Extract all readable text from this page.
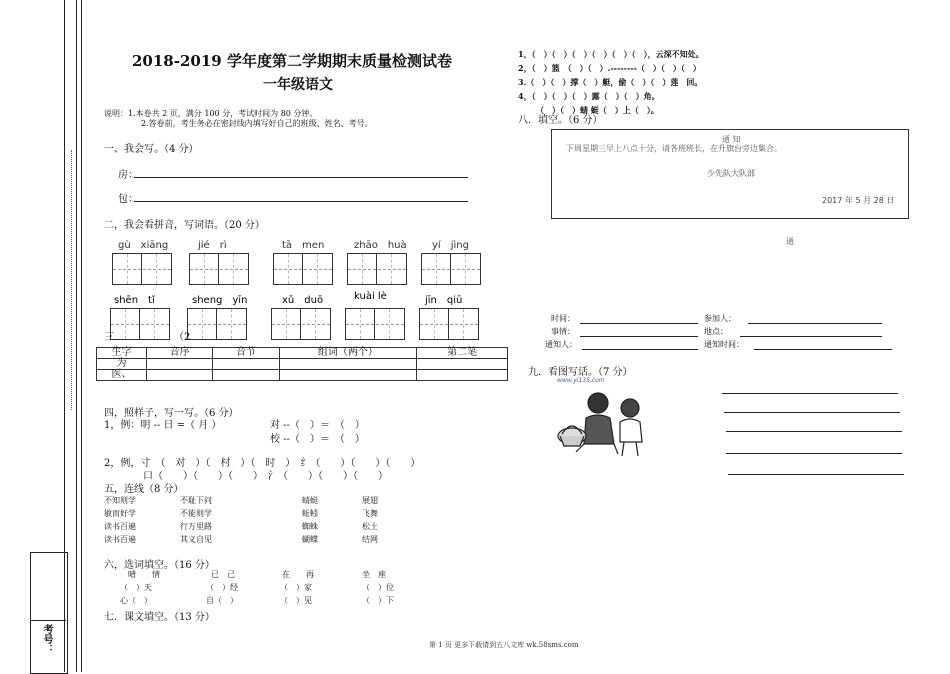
考号：
2018-2019 学年度第二学期期末质量检测试卷
一年级语文
说明：1.本卷共 2 页，满分 100 分，考试时间为 80 分钟。
2.答卷前，考生务必在密封线内填写好自己的班级、姓名、考号。
一、我会写。（4 分）
房：
包：
二，我会看拼音，写词语。（20 分）
gù　xiāng	jié　rì	tā　men	zhāo　huà	yí　jìng
shēn　tǐ	sheng　yīn	xǔ　duō	kuài lè	jīn　qiū
三	（2
生字	音序	音节	组词（两个）	第二笔
为				
医、				
四，照样子，写一写。（6 分）
1，例：明 -- 日 =（ 月 ）	对 --（　）＝　（　）
校 --（　）＝　（　）
2，例，寸　（　对　）（　村　）（　时　）　纟（　　）（　　）（　　）
口（　　）（　　）（　　）　氵（　　）（　　）（　　）
五，连线（8 分）
不知则学
敏而好学
读书百遍
读书百遍
不耻下问
不能则学
行万里路
其义自见
蜻蜓
蚯蚓
蜘蛛
蝴蝶
展翅
飞舞
松土
结网
六，选词填空。（16 分）
晴　　情	已　己	在　　再	坐　座
（　）天	（　）经	（　）家	（　）位
心（　）	自（　）	（　）见	（　）下
七．课文填空。（13 分）
1，（　）（　）（　）（　）（　）（　），云深不知处。
2，（　）篮　（　）（　）.--------（　）（　）（　）
3.（　）（　）撑（　）艇，偷（　）（　）莲　回。
4，（　）（　）（　）露（　）（　）角。
（　）（　）蜻 蜓（　）上（　）。
八．填空。（6 分）
通 知
下周星期三早上八点十分，请各班班长，在升旗台旁边集合。
少先队大队部
2017 年 5 月 28 日
通
时间：	参加人：
事情：	地点：
通知人：	通知时间：
九．看图写话。（7 分）
www.yi135.com
第 1 页 更多下载请到五八文库 wk.58sms.com
